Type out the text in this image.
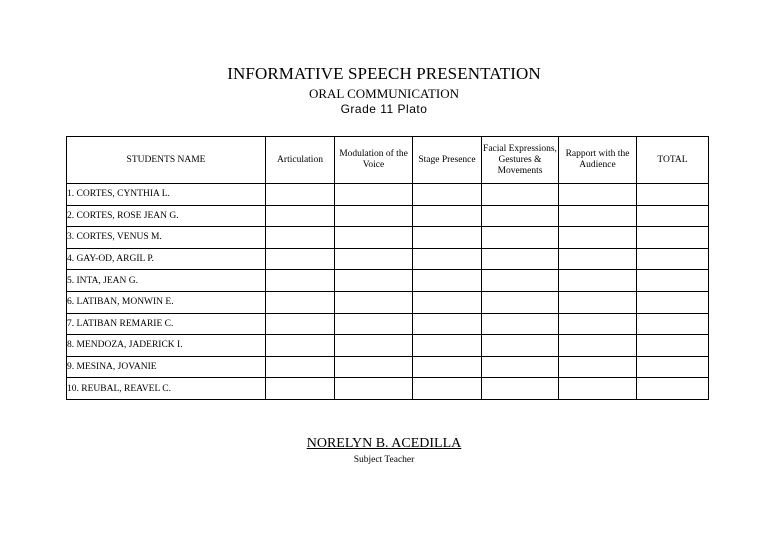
INFORMATIVE SPEECH PRESENTATION
ORAL COMMUNICATION
Grade 11 Plato
STUDENTS NAME	Articulation	Modulation of the Voice	Stage Presence	Facial Expressions, Gestures & Movements	Rapport with the Audience	TOTAL
1. CORTES, CYNTHIA L.						
2. CORTES, ROSE JEAN G.						
3. CORTES, VENUS M.						
4. GAY-OD, ARGIL P.						
5. INTA, JEAN G.						
6. LATIBAN, MONWIN E.						
7. LATIBAN REMARIE C.						
8. MENDOZA, JADERICK I.						
9. MESINA, JOVANIE						
10. REUBAL, REAVEL C.						
NORELYN B. ACEDILLA
Subject Teacher
